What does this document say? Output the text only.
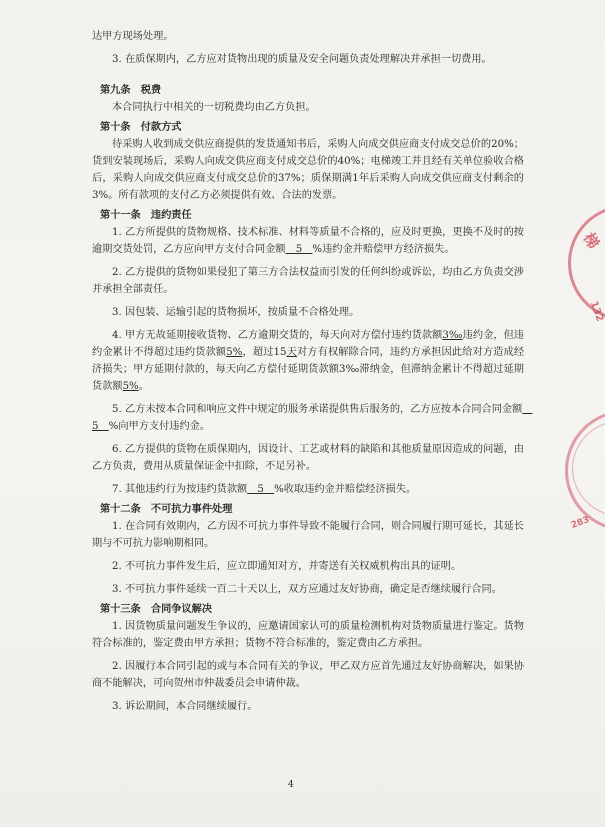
达甲方现场处理。

3. 在质保期内，乙方应对货物出现的质量及安全问题负责处理解决并承担一切费用。

第九条　税费

本合同执行中相关的一切税费均由乙方负担。

第十条　付款方式

待采购人收到成交供应商提供的发货通知书后，采购人向成交供应商支付成交总价的20%；货到安装现场后，采购人向成交供应商支付成交总价的40%；电梯竣工并且经有关单位验收合格后，采购人向成交供应商支付成交总价的37%；质保期满1年后采购人向成交供应商支付剩余的3%。所有款项的支付乙方必须提供有效、合法的发票。

第十一条　违约责任

1. 乙方所提供的货物规格、技术标准、材料等质量不合格的，应及时更换，更换不及时的按逾期交货处罚，乙方应向甲方支付合同金额　5　%违约金并赔偿甲方经济损失。

2. 乙方提供的货物如果侵犯了第三方合法权益而引发的任何纠纷或诉讼，均由乙方负责交涉并承担全部责任。

3. 因包装、运输引起的货物损坏，按质量不合格处理。

4. 甲方无故延期接收货物、乙方逾期交货的，每天向对方偿付违约货款额3‰违约金，但违约金累计不得超过违约货款额5%，超过15天对方有权解除合同，违约方承担因此给对方造成经济损失；甲方延期付款的，每天向乙方偿付延期货款额3‰滞纳金，但滞纳金累计不得超过延期货款额5%。

5. 乙方未按本合同和响应文件中规定的服务承诺提供售后服务的，乙方应按本合同合同金额　5　%向甲方支付违约金。

6. 乙方提供的货物在质保期内，因设计、工艺或材料的缺陷和其他质量原因造成的问题，由乙方负责，费用从质量保证金中扣除，不足另补。

7. 其他违约行为按违约货款额　5　%收取违约金并赔偿经济损失。

第十二条　不可抗力事件处理

1. 在合同有效期内，乙方因不可抗力事件导致不能履行合同，则合同履行期可延长，其延长期与不可抗力影响期相同。

2. 不可抗力事件发生后，应立即通知对方，并寄送有关权威机构出具的证明。

3. 不可抗力事件延续一百二十天以上，双方应通过友好协商，确定是否继续履行合同。

第十三条　合同争议解决

1. 因货物质量问题发生争议的，应邀请国家认可的质量检测机构对货物质量进行鉴定。货物符合标准的，鉴定费由甲方承担；货物不符合标准的，鉴定费由乙方承担。

2. 因履行本合同引起的或与本合同有关的争议，甲乙双方应首先通过友好协商解决，如果协商不能解决，可向贺州市仲裁委员会申请仲裁。

3. 诉讼期间，本合同继续履行。

梯
132
283
4
